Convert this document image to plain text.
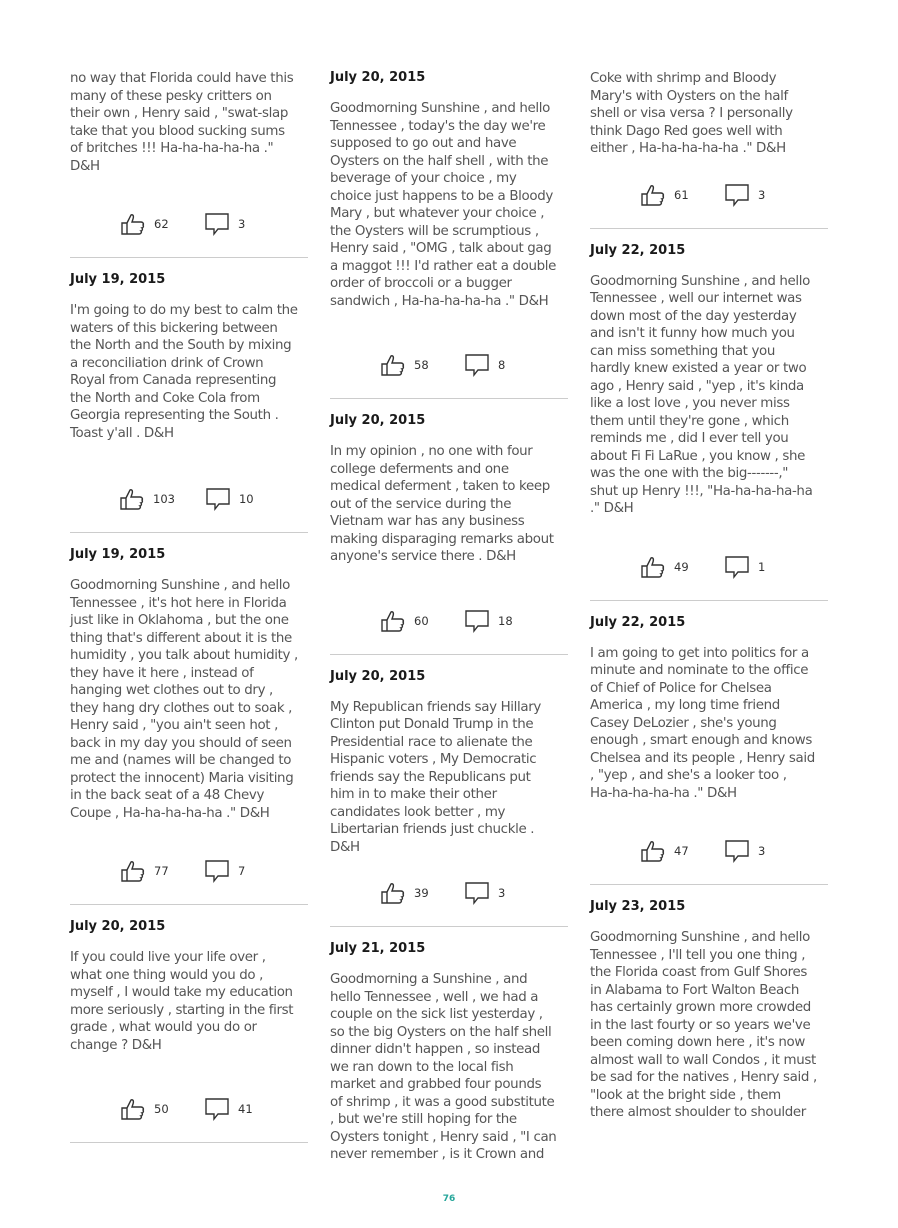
no way that Florida could have this
many of these pesky critters on
their own , Henry said , "swat-slap
take that you blood sucking sums
of britches !!! Ha-ha-ha-ha-ha ."
D&H

62	3

July 19, 2015

I'm going to do my best to calm the
waters of this bickering between
the North and the South by mixing
a reconciliation drink of Crown
Royal from Canada representing
the North and Coke Cola from
Georgia representing the South .
Toast y'all . D&H

103	10

July 19, 2015

Goodmorning Sunshine , and hello
Tennessee , it's hot here in Florida
just like in Oklahoma , but the one
thing that's different about it is the
humidity , you talk about humidity ,
they have it here , instead of
hanging wet clothes out to dry ,
they hang dry clothes out to soak ,
Henry said , "you ain't seen hot ,
back in my day you should of seen
me and (names will be changed to
protect the innocent) Maria visiting
in the back seat of a 48 Chevy
Coupe , Ha-ha-ha-ha-ha ." D&H

77	7

July 20, 2015

If you could live your life over ,
what one thing would you do ,
myself , I would take my education
more seriously , starting in the first
grade , what would you do or
change ? D&H

50	41

July 20, 2015

Goodmorning Sunshine , and hello
Tennessee , today's the day we're
supposed to go out and have
Oysters on the half shell , with the
beverage of your choice , my
choice just happens to be a Bloody
Mary , but whatever your choice ,
the Oysters will be scrumptious ,
Henry said , "OMG , talk about gag
a maggot !!! I'd rather eat a double
order of broccoli or a bugger
sandwich , Ha-ha-ha-ha-ha ." D&H

58	8

July 20, 2015

In my opinion , no one with four
college deferments and one
medical deferment , taken to keep
out of the service during the
Vietnam war has any business
making disparaging remarks about
anyone's service there . D&H

60	18

July 20, 2015

My Republican friends say Hillary
Clinton put Donald Trump in the
Presidential race to alienate the
Hispanic voters , My Democratic
friends say the Republicans put
him in to make their other
candidates look better , my
Libertarian friends just chuckle .
D&H

39	3

July 21, 2015

Goodmorning a Sunshine , and
hello Tennessee , well , we had a
couple on the sick list yesterday ,
so the big Oysters on the half shell
dinner didn't happen , so instead
we ran down to the local fish
market and grabbed four pounds
of shrimp , it was a good substitute
, but we're still hoping for the
Oysters tonight , Henry said , "I can
never remember , is it Crown and

Coke with shrimp and Bloody
Mary's with Oysters on the half
shell or visa versa ? I personally
think Dago Red goes well with
either , Ha-ha-ha-ha-ha ." D&H

61	3

July 22, 2015

Goodmorning Sunshine , and hello
Tennessee , well our internet was
down most of the day yesterday
and isn't it funny how much you
can miss something that you
hardly knew existed a year or two
ago , Henry said , "yep , it's kinda
like a lost love , you never miss
them until they're gone , which
reminds me , did I ever tell you
about Fi Fi LaRue , you know , she
was the one with the big-------,"
shut up Henry !!!, "Ha-ha-ha-ha-ha
." D&H

49	1

July 22, 2015

I am going to get into politics for a
minute and nominate to the office
of Chief of Police for Chelsea
America , my long time friend
Casey DeLozier , she's young
enough , smart enough and knows
Chelsea and its people , Henry said
, "yep , and she's a looker too ,
Ha-ha-ha-ha-ha ." D&H

47	3

July 23, 2015

Goodmorning Sunshine , and hello
Tennessee , I'll tell you one thing ,
the Florida coast from Gulf Shores
in Alabama to Fort Walton Beach
has certainly grown more crowded
in the last fourty or so years we've
been coming down here , it's now
almost wall to wall Condos , it must
be sad for the natives , Henry said ,
"look at the bright side , them
there almost shoulder to shoulder

76
